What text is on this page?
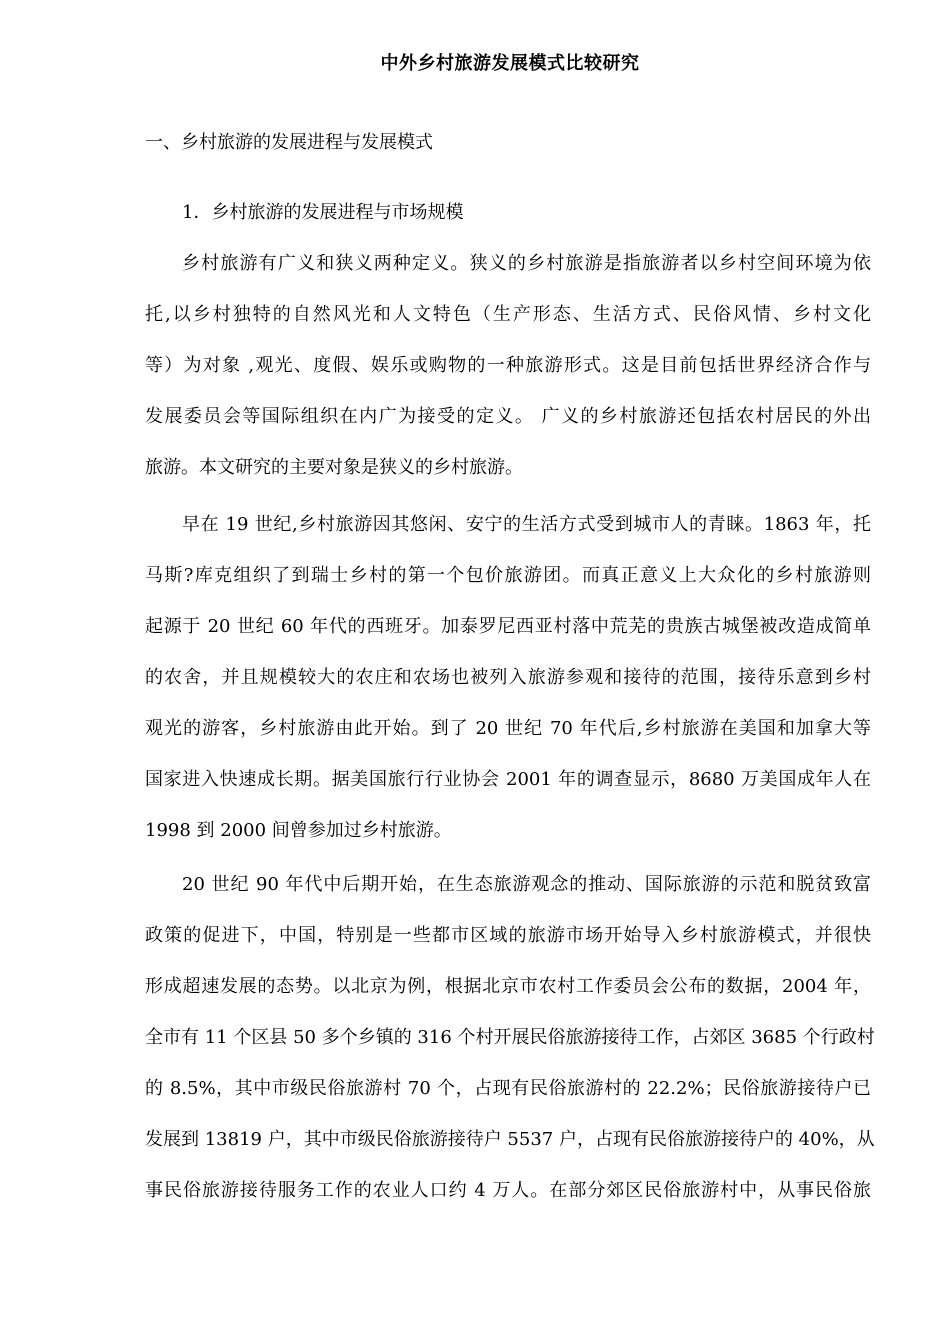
中外乡村旅游发展模式比较研究
一、乡村旅游的发展进程与发展模式
1．乡村旅游的发展进程与市场规模
乡村旅游有广义和狭义两种定义。狭义的乡村旅游是指旅游者以乡村空间环境为依
托,以乡村独特的自然风光和人文特色（生产形态、生活方式、民俗风情、乡村文化
等）为对象 ,观光、度假、娱乐或购物的一种旅游形式。这是目前包括世界经济合作与
发展委员会等国际组织在内广为接受的定义。 广义的乡村旅游还包括农村居民的外出
旅游。本文研究的主要对象是狭义的乡村旅游。
早在 19 世纪,乡村旅游因其悠闲、安宁的生活方式受到城市人的青睐。1863 年，托
马斯?库克组织了到瑞士乡村的第一个包价旅游团。而真正意义上大众化的乡村旅游则
起源于 20 世纪 60 年代的西班牙。加泰罗尼西亚村落中荒芜的贵族古城堡被改造成简单
的农舍，并且规模较大的农庄和农场也被列入旅游参观和接待的范围，接待乐意到乡村
观光的游客，乡村旅游由此开始。到了 20 世纪 70 年代后,乡村旅游在美国和加拿大等
国家进入快速成长期。据美国旅行行业协会 2001 年的调查显示，8680 万美国成年人在
1998 到 2000 间曾参加过乡村旅游。
20 世纪 90 年代中后期开始，在生态旅游观念的推动、国际旅游的示范和脱贫致富
政策的促进下，中国，特别是一些都市区域的旅游市场开始导入乡村旅游模式，并很快
形成超速发展的态势。以北京为例，根据北京市农村工作委员会公布的数据，2004 年，
全市有 11 个区县 50 多个乡镇的 316 个村开展民俗旅游接待工作，占郊区 3685 个行政村
的 8.5%，其中市级民俗旅游村 70 个，占现有民俗旅游村的 22.2%；民俗旅游接待户已
发展到 13819 户，其中市级民俗旅游接待户 5537 户，占现有民俗旅游接待户的 40%，从
事民俗旅游接待服务工作的农业人口约 4 万人。在部分郊区民俗旅游村中，从事民俗旅
